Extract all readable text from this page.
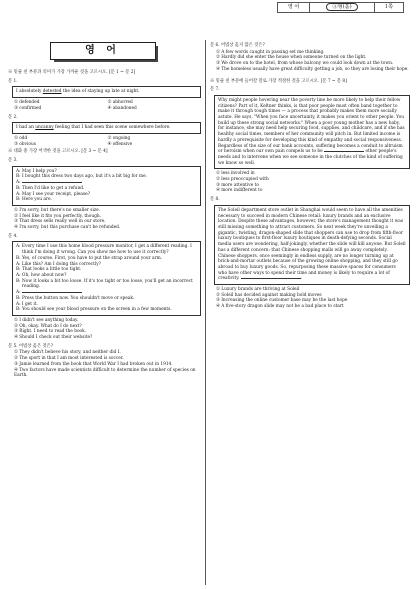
영 어	Ⓐ형(홀)	1쪽
영 어
※ 밑줄 친 부분과 의미가 가장 가까운 것을 고르시오. [문 1 ~ 문 2]
문 1.
I absolutely detested the idea of staying up late at night.
① defended	② abhorred
③ confirmed	④ abandoned
문 2.
I had an uncanny feeling that I had seen this scene somewhere before.
① odd	② ongoing
③ obvious	④ offensive
※ 대화 중 가장 어색한 것을 고르시오. [문 3 ~ 문 4]
문 3.
A: May I help you?
B: I bought this dress two days ago, but it's a bit big for me.
A:
B: Then I'd like to get a refund.
A: May I see your receipt, please?
B: Here you are.
① I'm sorry, but there's no smaller size.
② I feel like it fits you perfectly, though.
③ That dress sells really well in our store.
④ I'm sorry, but this purchase can't be refunded.
문 4.
A: Every time I use this home blood pressure monitor, I get a different reading. I think I'm doing it wrong. Can you show me how to use it correctly?
B: Yes, of course. First, you have to put the strap around your arm.
A: Like this? Am I doing this correctly?
B: That looks a little too tight.
A: Oh, how about now?
B: Now it looks a bit too loose. If it's too tight or too loose, you'll get an incorrect reading.
A:
B: Press the button now. You shouldn't move or speak.
A: I get it.
B: You should see your blood pressure on the screen in a few moments.
① I didn't see anything today.
② Oh, okay. What do I do next?
③ Right. I need to read the book.
④ Should I check out their website?
문 5. 어법상 옳은 것은?
① They didn't believe his story, and neither did I.
② The sport in that I am most interested is soccer.
③ Jamie learned from the book that World War I had broken out in 1914.
④ Two factors have made scientists difficult to determine the number of species on Earth.
문 6. 어법상 옳지 않은 것은?
① A few words caught in passing set me thinking.
② Hardly did she enter the house when someone turned on the light.
③ We drove on to the hotel, from whose balcony we could look down at the town.
④ The homeless usually have great difficulty getting a job, so they are losing their hope.
※ 밑줄 친 부분에 들어갈 말로 가장 적절한 것을 고르시오. [문 7 ~ 문 8]
문 7.
Why might people hovering near the poverty line be more likely to help their fellow citizens? Part of it, Keltner thinks, is that poor people must often band together to make it through tough times — a process that probably makes them more socially astute. He says, "When you face uncertainty, it makes you orient to other people. You build up these strong social networks." When a poor young mother has a new baby, for instance, she may need help securing food, supplies, and childcare, and if she has healthy social times, members of her community will pitch in. But limited income is hardly a prerequisite for developing this kind of empathy and social responsiveness. Regardless of the size of our bank accounts, suffering becomes a conduit to altruism or heroism when our own pain compels us to be	other people's needs and to intervene when we see someone in the clutches of the kind of suffering we know so well.
① less involved in
② less preoccupied with
③ more attentive to
④ more indifferent to
문 8.
The Soleil department store outlet in Shanghai would seem to have all the amenities necessary to succeed in modern Chinese retail: luxury brands and an exclusive location. Despite these advantages, however, the store's management thought it was still missing something to attract customers. So next week they're unveiling a gigantic, twisting, dragon-shaped slide that shoppers can use to drop from fifth-floor luxury boutiques to first-floor luxury boutiques in death-defying seconds. Social media users are wondering, half-jokingly, whether the slide will kill anyone. But Soleil has a different concern: that Chinese shopping malls will go away completely. Chinese shoppers, once seemingly in endless supply, are no longer turning up at brick-and-mortar outlets because of the growing online shopping, and they still go abroad to buy luxury goods. So, repurposing these massive spaces for consumers who have other ways to spend their time and money is likely to require a lot of creativity.	.
① Luxury brands are thriving at Soleil
② Soleil has decided against making bold moves
③ Increasing the online customer base may be the last hope
④ A five-story dragon slide may not be a bad place to start
